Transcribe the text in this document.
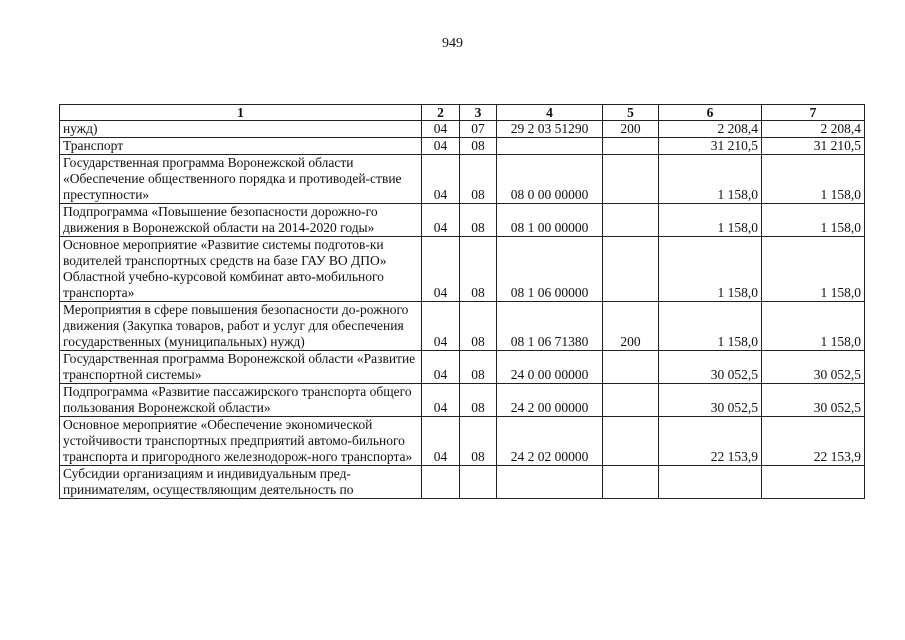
949
1	2	3	4	5	6	7
нужд)	04	07	29 2 03 51290	200	2 208,4	2 208,4
Транспорт	04	08			31 210,5	31 210,5
Государственная программа Воронежской области «Обеспечение общественного порядка и противодей-ствие преступности»	04	08	08 0 00 00000		1 158,0	1 158,0
Подпрограмма «Повышение безопасности дорожно-го движения в Воронежской области на 2014-2020 годы»	04	08	08 1 00 00000		1 158,0	1 158,0
Основное мероприятие «Развитие системы подготов-ки водителей транспортных средств на базе ГАУ ВО ДПО» Областной учебно-курсовой комбинат авто-мобильного транспорта»	04	08	08 1 06 00000		1 158,0	1 158,0
Мероприятия в сфере повышения безопасности до-рожного движения (Закупка товаров, работ и услуг для обеспечения государственных (муниципальных) нужд)	04	08	08 1 06 71380	200	1 158,0	1 158,0
Государственная программа Воронежской области «Развитие транспортной системы»	04	08	24 0 00 00000		30 052,5	30 052,5
Подпрограмма «Развитие пассажирского транспорта общего пользования Воронежской области»	04	08	24 2 00 00000		30 052,5	30 052,5
Основное мероприятие «Обеспечение экономической устойчивости транспортных предприятий автомо-бильного транспорта и пригородного железнодорож-ного транспорта»	04	08	24 2 02 00000		22 153,9	22 153,9
Субсидии организациям и индивидуальным пред-принимателям, осуществляющим деятельность по						
